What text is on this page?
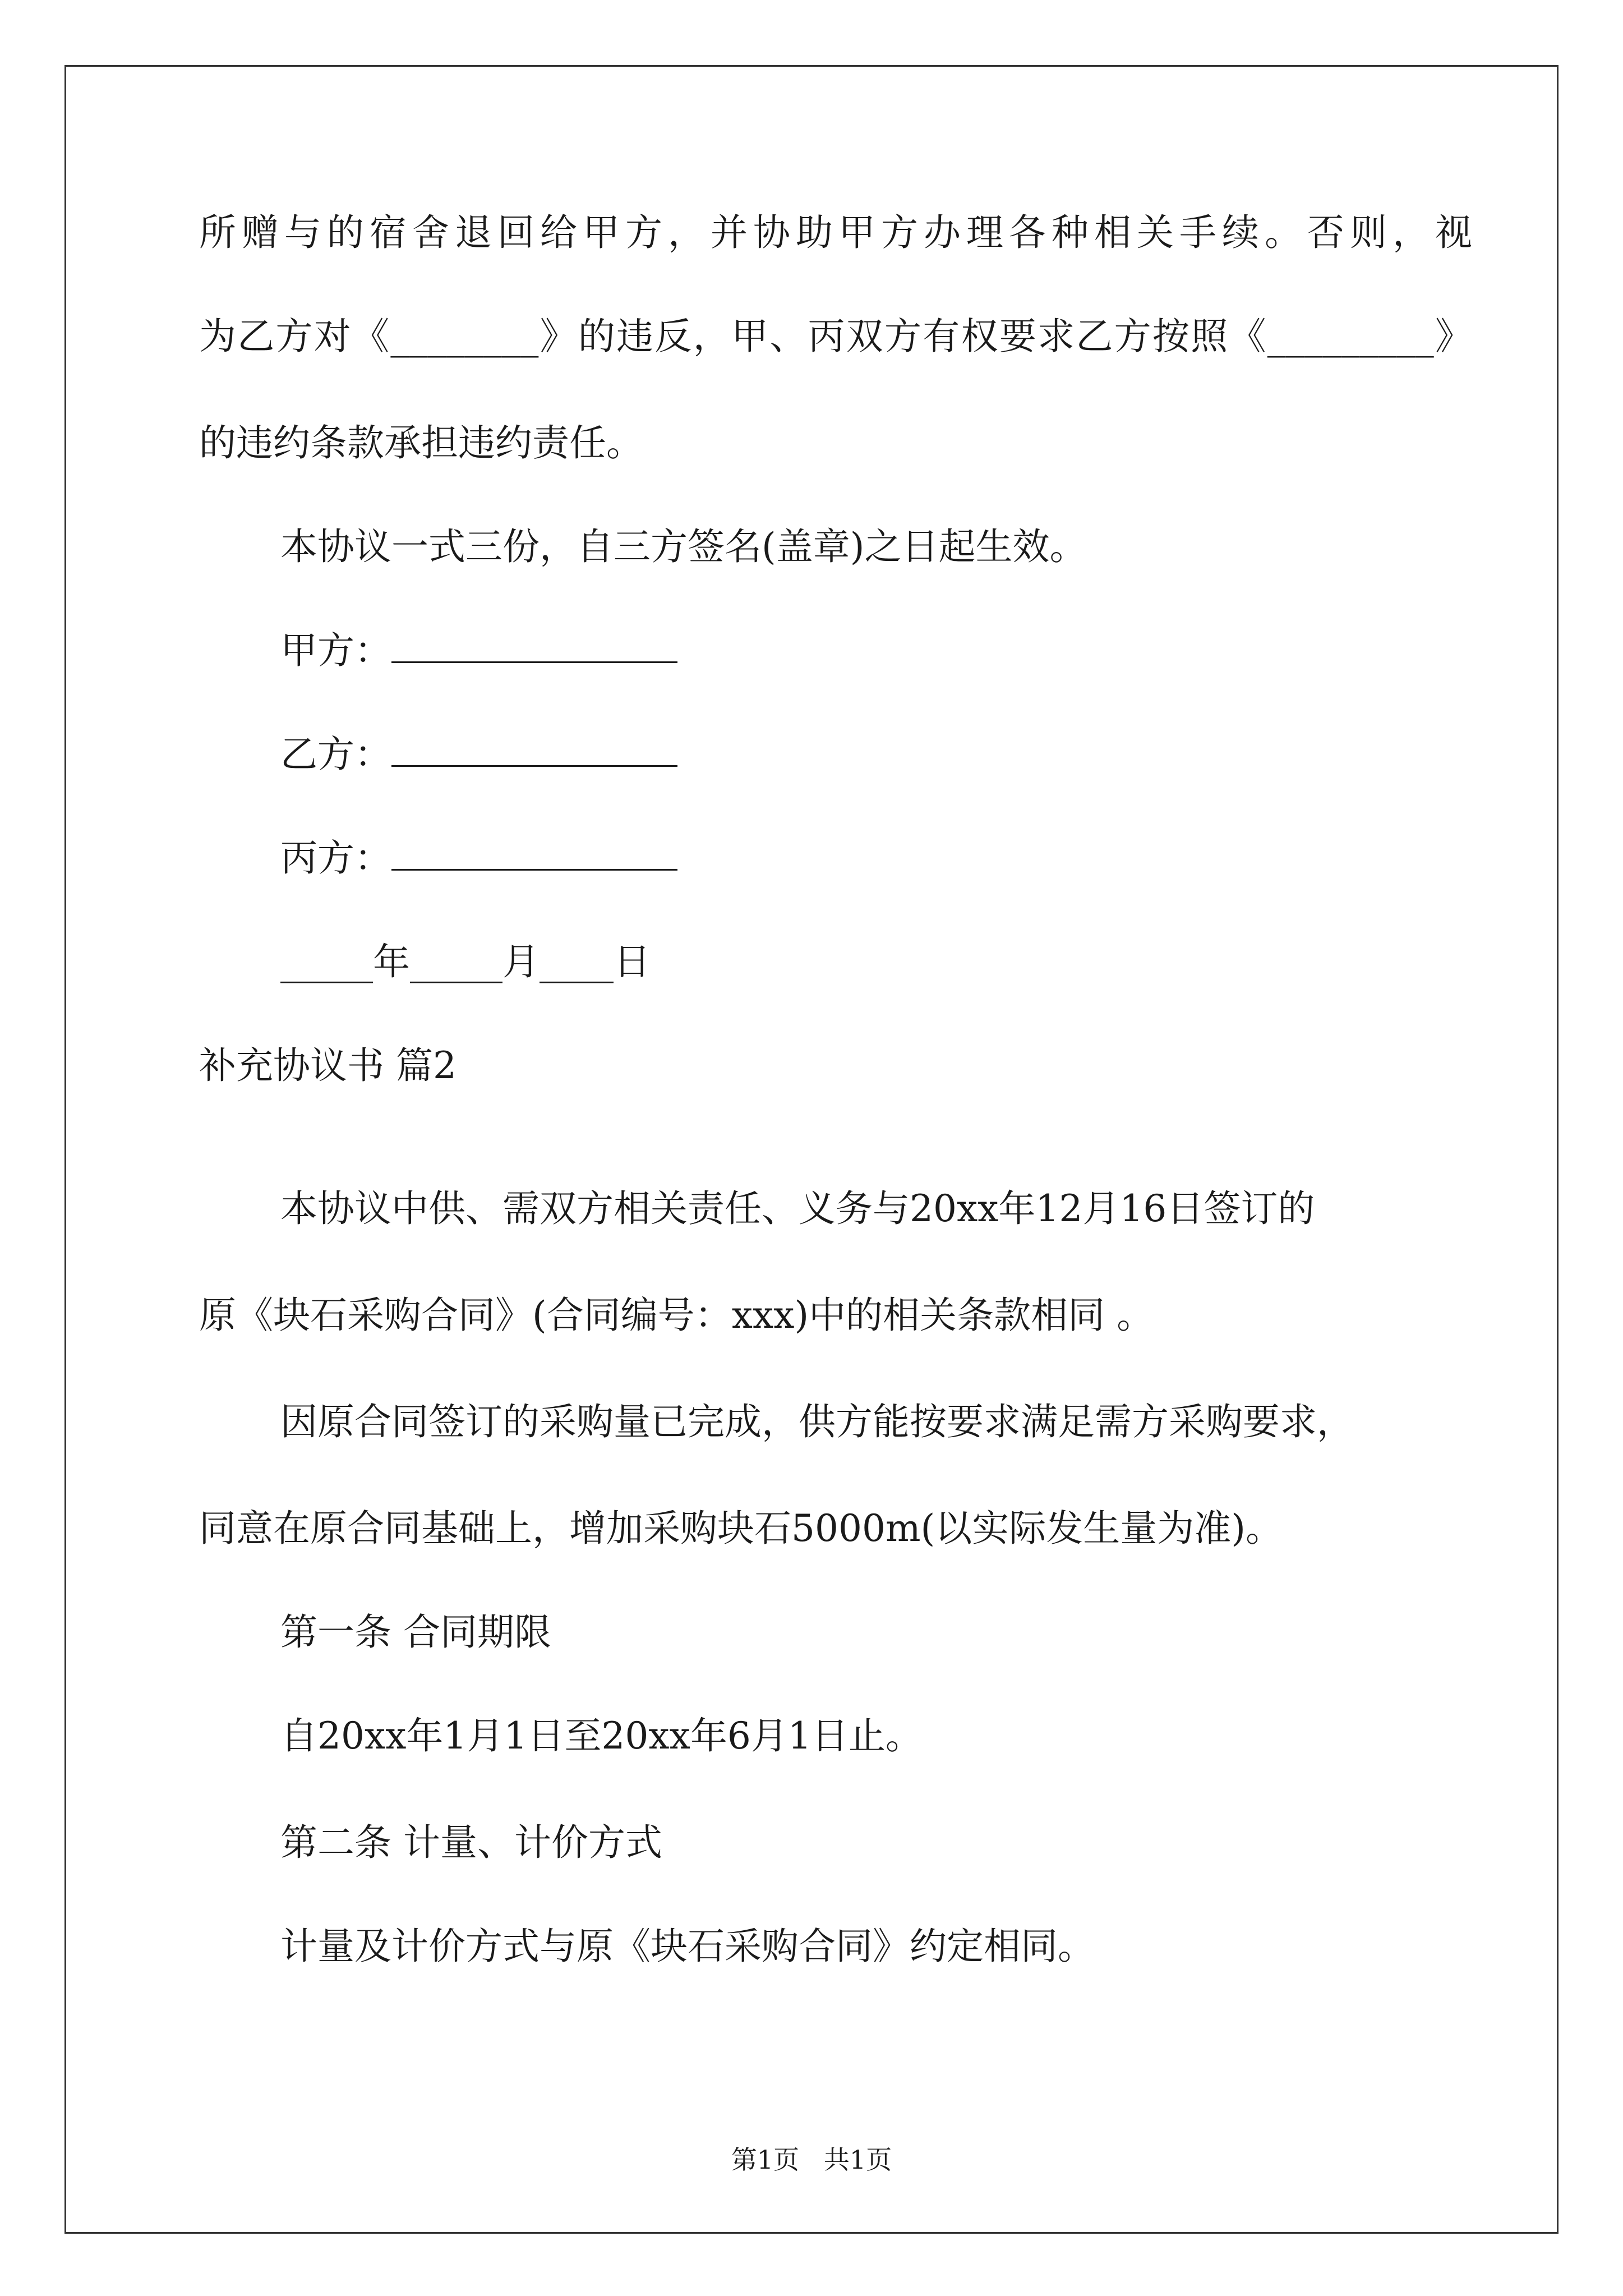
所赠与的宿舍退回给甲方，并协助甲方办理各种相关手续。否则，视
为乙方对《________》的违反，甲、丙双方有权要求乙方按照《_________》
的违约条款承担违约责任。
本协议一式三份，自三方签名(盖章)之日起生效。
甲方：
乙方：
丙方：
_____年_____月____日
补充协议书 篇2
本协议中供、需双方相关责任、义务与20xx年12月16日签订的
原《块石采购合同》(合同编号：xxx)中的相关条款相同 。
因原合同签订的采购量已完成，供方能按要求满足需方采购要求，
同意在原合同基础上，增加采购块石5000m(以实际发生量为准)。
第一条 合同期限
自20xx年1月1日至20xx年6月1日止。
第二条 计量、计价方式
计量及计价方式与原《块石采购合同》约定相同。
第1页   共1页
